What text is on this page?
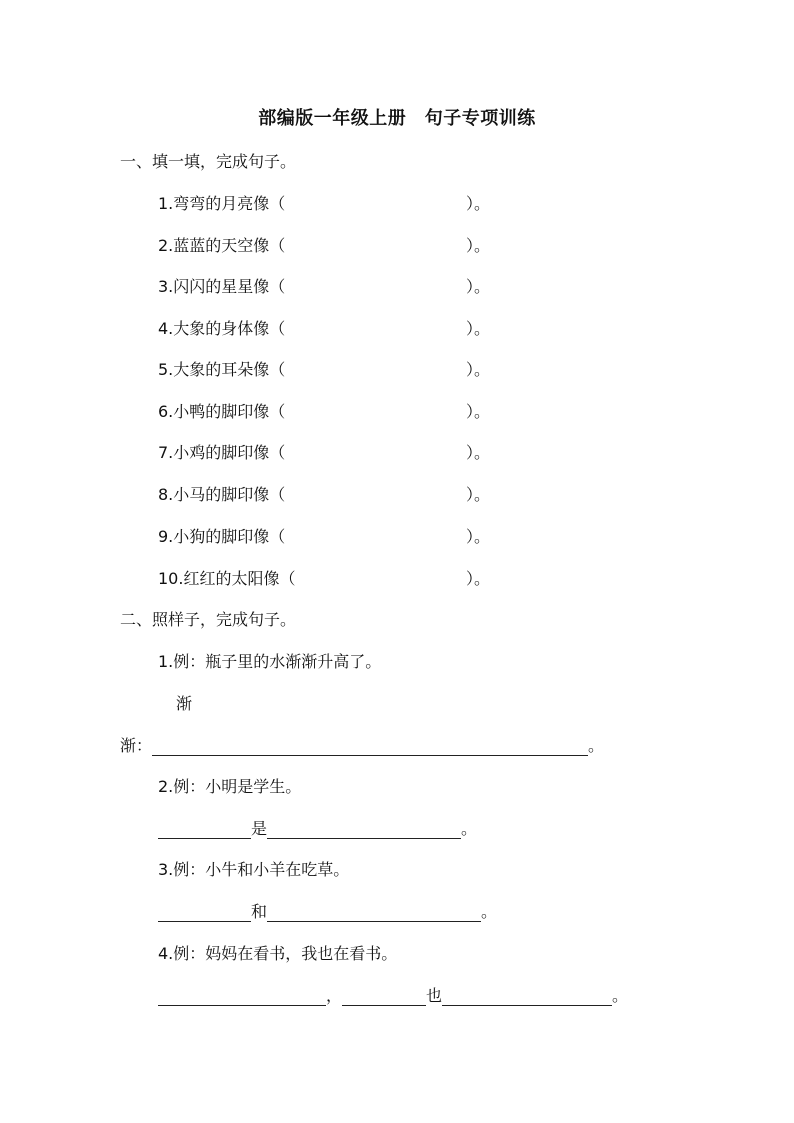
部编版一年级上册　句子专项训练
一、填一填，完成句子。
1.弯弯的月亮像（	）。
2.蓝蓝的天空像（	）。
3.闪闪的星星像（	）。
4.大象的身体像（	）。
5.大象的耳朵像（	）。
6.小鸭的脚印像（	）。
7.小鸡的脚印像（	）。
8.小马的脚印像（	）。
9.小狗的脚印像（	）。
10.红红的太阳像（	）。
二、照样子，完成句子。
1.例：瓶子里的水渐渐升高了。
渐
渐：	。
2.例：小明是学生。
是	。
3.例：小牛和小羊在吃草。
和	。
4.例：妈妈在看书，我也在看书。
，	也	。
